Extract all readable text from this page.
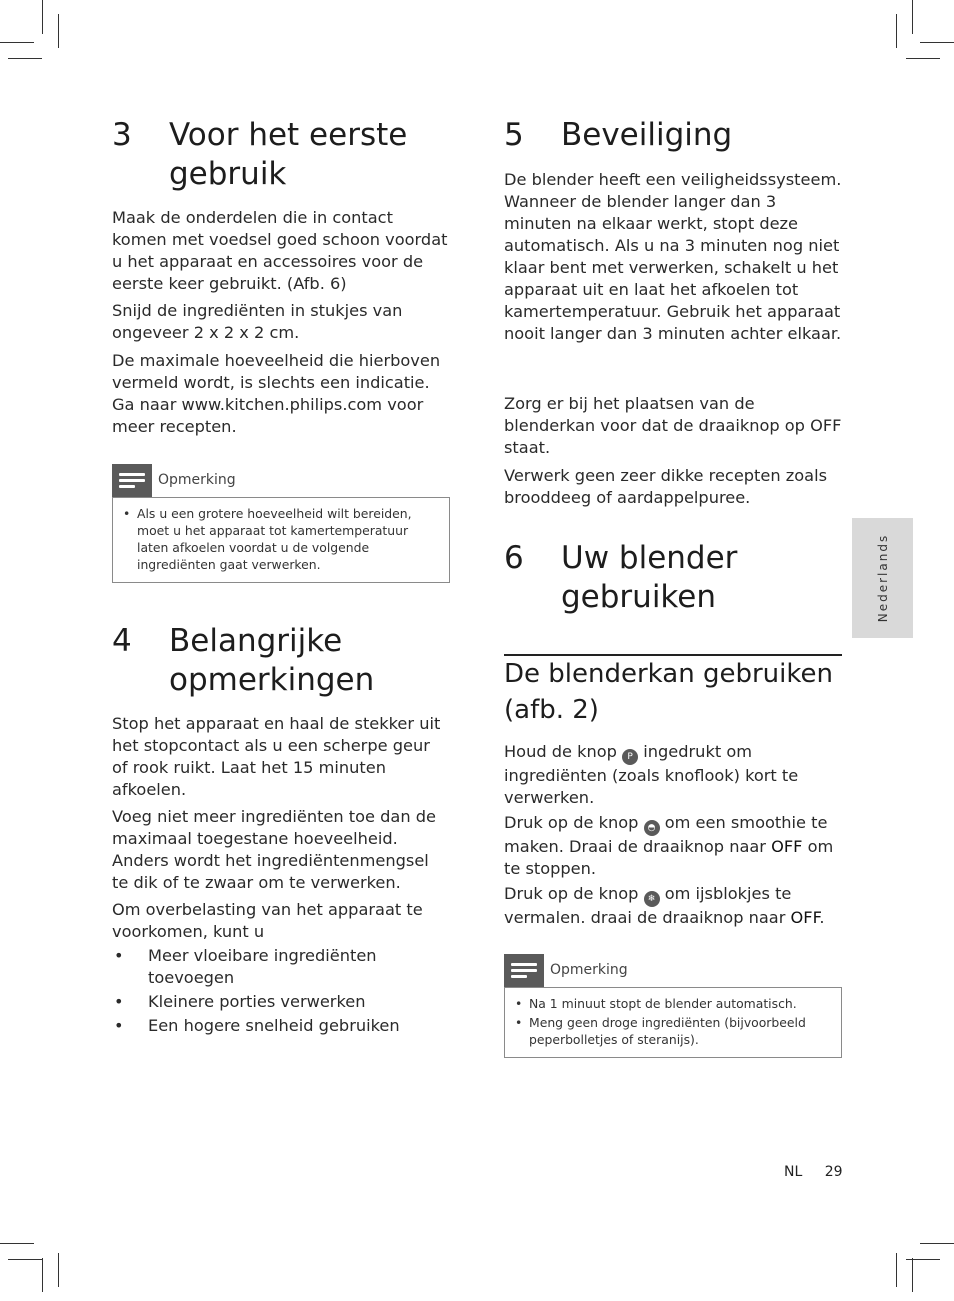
3	Voor het eerste gebruik

Maak de onderdelen die in contact komen met voedsel goed schoon voordat u het apparaat en accessoires voor de eerste keer gebruikt. (Afb. 6)

Snijd de ingrediënten in stukjes van ongeveer 2 x 2 x 2 cm.

De maximale hoeveelheid die hierboven vermeld wordt, is slechts een indicatie. Ga naar www.kitchen.philips.com voor meer recepten.

Opmerking
• Als u een grotere hoeveelheid wilt bereiden, moet u het apparaat tot kamertemperatuur laten afkoelen voordat u de volgende ingrediënten gaat verwerken.
4	Belangrijke opmerkingen

Stop het apparaat en haal de stekker uit het stopcontact als u een scherpe geur of rook ruikt. Laat het 15 minuten afkoelen.

Voeg niet meer ingrediënten toe dan de maximaal toegestane hoeveelheid. Anders wordt het ingrediëntenmengsel te dik of te zwaar om te verwerken.

Om overbelasting van het apparaat te voorkomen, kunt u

•	Meer vloeibare ingrediënten toevoegen
•	Kleinere porties verwerken
•	Een hogere snelheid gebruiken
5	Beveiliging

De blender heeft een veiligheidssysteem. Wanneer de blender langer dan 3 minuten na elkaar werkt, stopt deze automatisch. Als u na 3 minuten nog niet klaar bent met verwerken, schakelt u het apparaat uit en laat het afkoelen tot kamertemperatuur. Gebruik het apparaat nooit langer dan 3 minuten achter elkaar.

Zorg er bij het plaatsen van de blenderkan voor dat de draaiknop op OFF staat.

Verwerk geen zeer dikke recepten zoals brooddeeg of aardappelpuree.

6	Uw blender gebruiken
De blenderkan gebruiken (afb. 2)

Houd de knop P ingedrukt om ingrediënten (zoals knoflook) kort te verwerken.

Druk op de knop ◓ om een smoothie te maken. Draai de draaiknop naar OFF om te stoppen.

Druk op de knop ❄ om ijsblokjes te vermalen. draai de draaiknop naar OFF.

Opmerking
• Na 1 minuut stopt de blender automatisch.
• Meng geen droge ingrediënten (bijvoorbeeld peperbolletjes of steranijs).
Nederlands
NL 29
